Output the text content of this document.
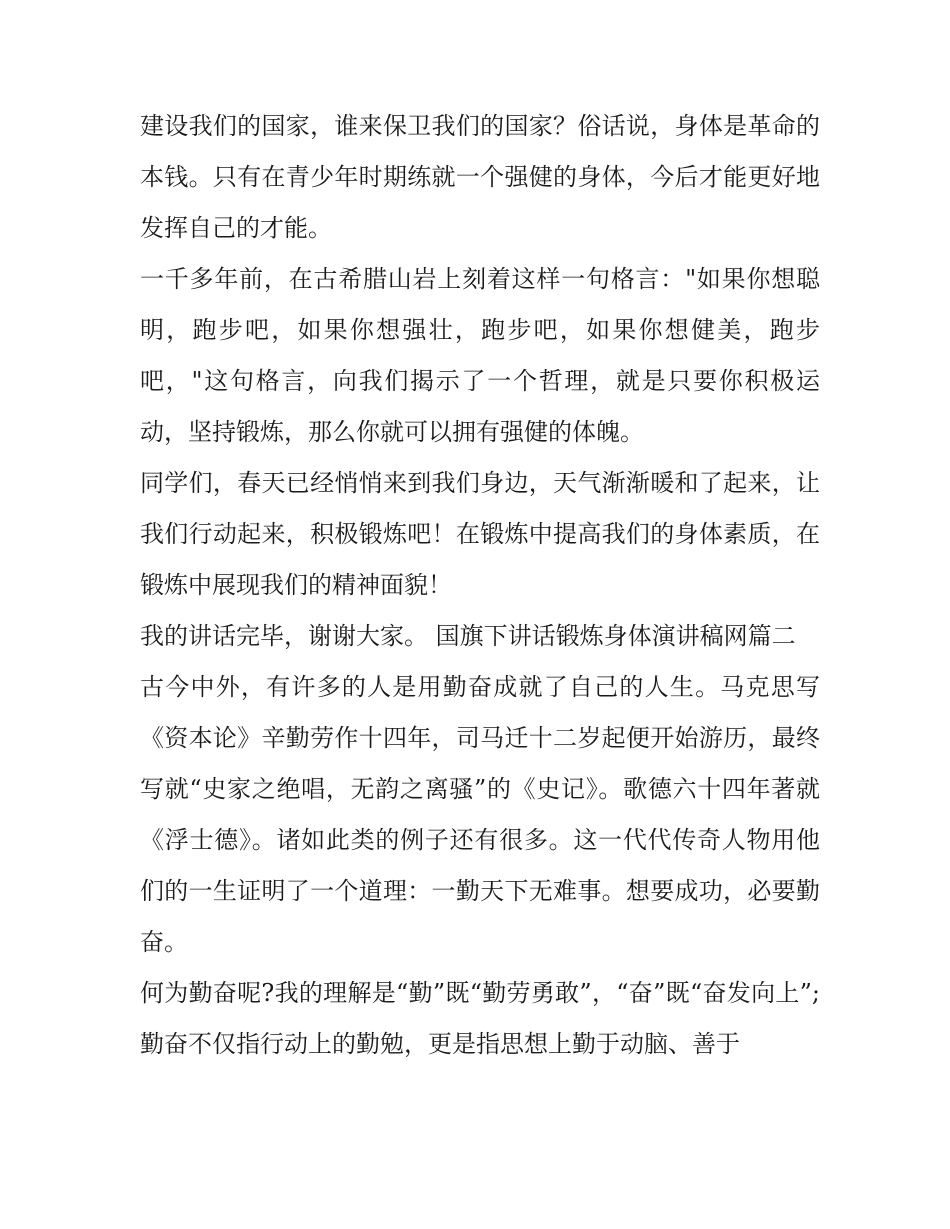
建设我们的国家，谁来保卫我们的国家？俗话说，身体是革命的本钱。只有在青少年时期练就一个强健的身体，今后才能更好地发挥自己的才能。

一千多年前，在古希腊山岩上刻着这样一句格言："如果你想聪明，跑步吧，如果你想强壮，跑步吧，如果你想健美，跑步吧，"这句格言，向我们揭示了一个哲理，就是只要你积极运动，坚持锻炼，那么你就可以拥有强健的体魄。

同学们，春天已经悄悄来到我们身边，天气渐渐暖和了起来，让我们行动起来，积极锻炼吧！在锻炼中提高我们的身体素质，在锻炼中展现我们的精神面貌！

我的讲话完毕，谢谢大家。 国旗下讲话锻炼身体演讲稿网篇二

古今中外，有许多的人是用勤奋成就了自己的人生。马克思写《资本论》辛勤劳作十四年，司马迁十二岁起便开始游历，最终写就“史家之绝唱，无韵之离骚”的《史记》。歌德六十四年著就《浮士德》。诸如此类的例子还有很多。这一代代传奇人物用他们的一生证明了一个道理：一勤天下无难事。想要成功，必要勤奋。

何为勤奋呢?我的理解是“勤”既“勤劳勇敢”，“奋”既“奋发向上”;勤奋不仅指行动上的勤勉，更是指思想上勤于动脑、善于
